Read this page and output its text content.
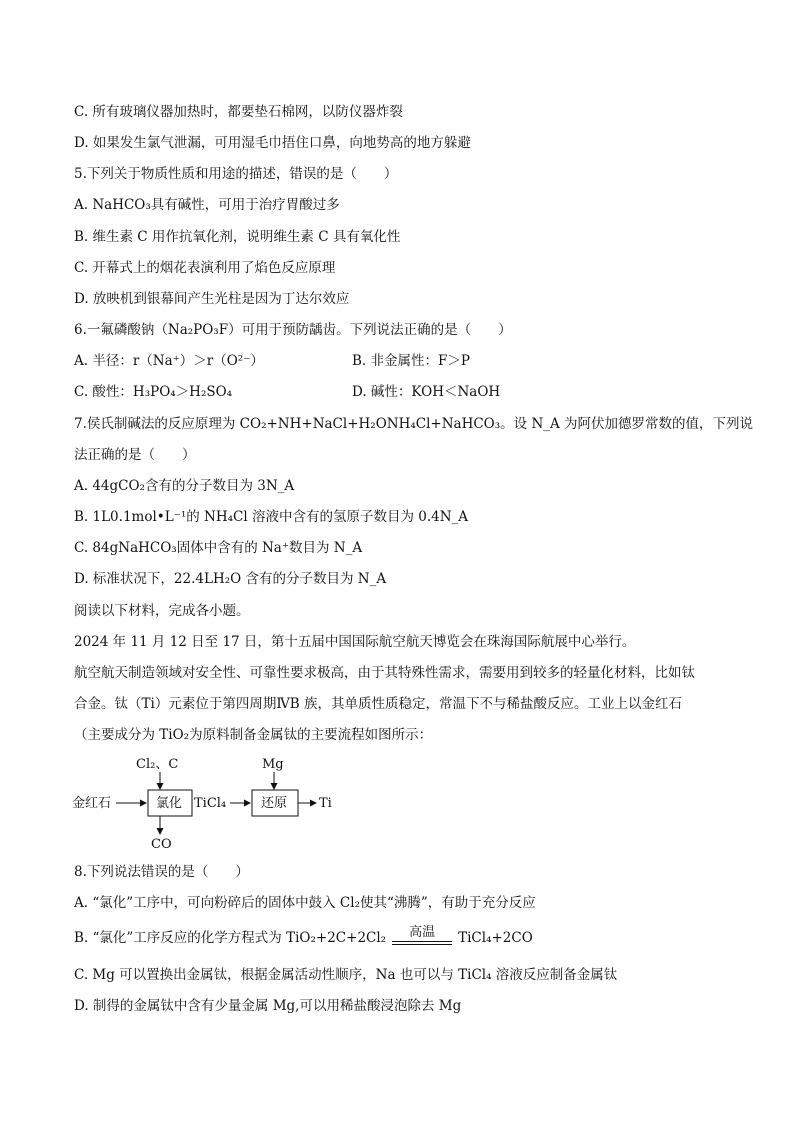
C. 所有玻璃仪器加热时，都要垫石棉网，以防仪器炸裂
D. 如果发生氯气泄漏，可用湿毛巾捂住口鼻，向地势高的地方躲避
5.下列关于物质性质和用途的描述，错误的是（　　）
A. NaHCO₃具有碱性，可用于治疗胃酸过多
B. 维生素 C 用作抗氧化剂，说明维生素 C 具有氧化性
C. 开幕式上的烟花表演利用了焰色反应原理
D. 放映机到银幕间产生光柱是因为丁达尔效应
6.一氟磷酸钠（Na₂PO₃F）可用于预防龋齿。下列说法正确的是（　　）
A. 半径：r（Na⁺）＞r（O²⁻）	B. 非金属性：F＞P
C. 酸性：H₃PO₄＞H₂SO₄	D. 碱性：KOH＜NaOH
7.侯氏制碱法的反应原理为 CO₂+NH+NaCl+H₂ONH₄Cl+NaHCO₃。设 N_A 为阿伏加德罗常数的值，下列说
法正确的是（　　）
A. 44gCO₂含有的分子数目为 3N_A
B. 1L0.1mol•L⁻¹的 NH₄Cl 溶液中含有的氢原子数目为 0.4N_A
C. 84gNaHCO₃固体中含有的 Na⁺数目为 N_A
D. 标准状况下，22.4LH₂O 含有的分子数目为 N_A
阅读以下材料，完成各小题。
2024 年 11 月 12 日至 17 日，第十五届中国国际航空航天博览会在珠海国际航展中心举行。
航空航天制造领域对安全性、可靠性要求极高，由于其特殊性需求，需要用到较多的轻量化材料，比如钛
合金。钛（Ti）元素位于第四周期ⅣB 族，其单质性质稳定，常温下不与稀盐酸反应。工业上以金红石
（主要成分为 TiO₂为原料制备金属钛的主要流程如图所示：
金红石
Cl₂、C
氯化
CO
TiCl₄
Mg
还原 Ti
8.下列说法错误的是（　　）
A. “氯化”工序中，可向粉碎后的固体中鼓入 Cl₂使其“沸腾”，有助于充分反应
B. “氯化”工序反应的化学方程式为 TiO₂+2C+2Cl₂	高温	TiCl₄+2CO
C. Mg 可以置换出金属钛，根据金属活动性顺序，Na 也可以与 TiCl₄ 溶液反应制备金属钛
D. 制得的金属钛中含有少量金属 Mg,可以用稀盐酸浸泡除去 Mg
